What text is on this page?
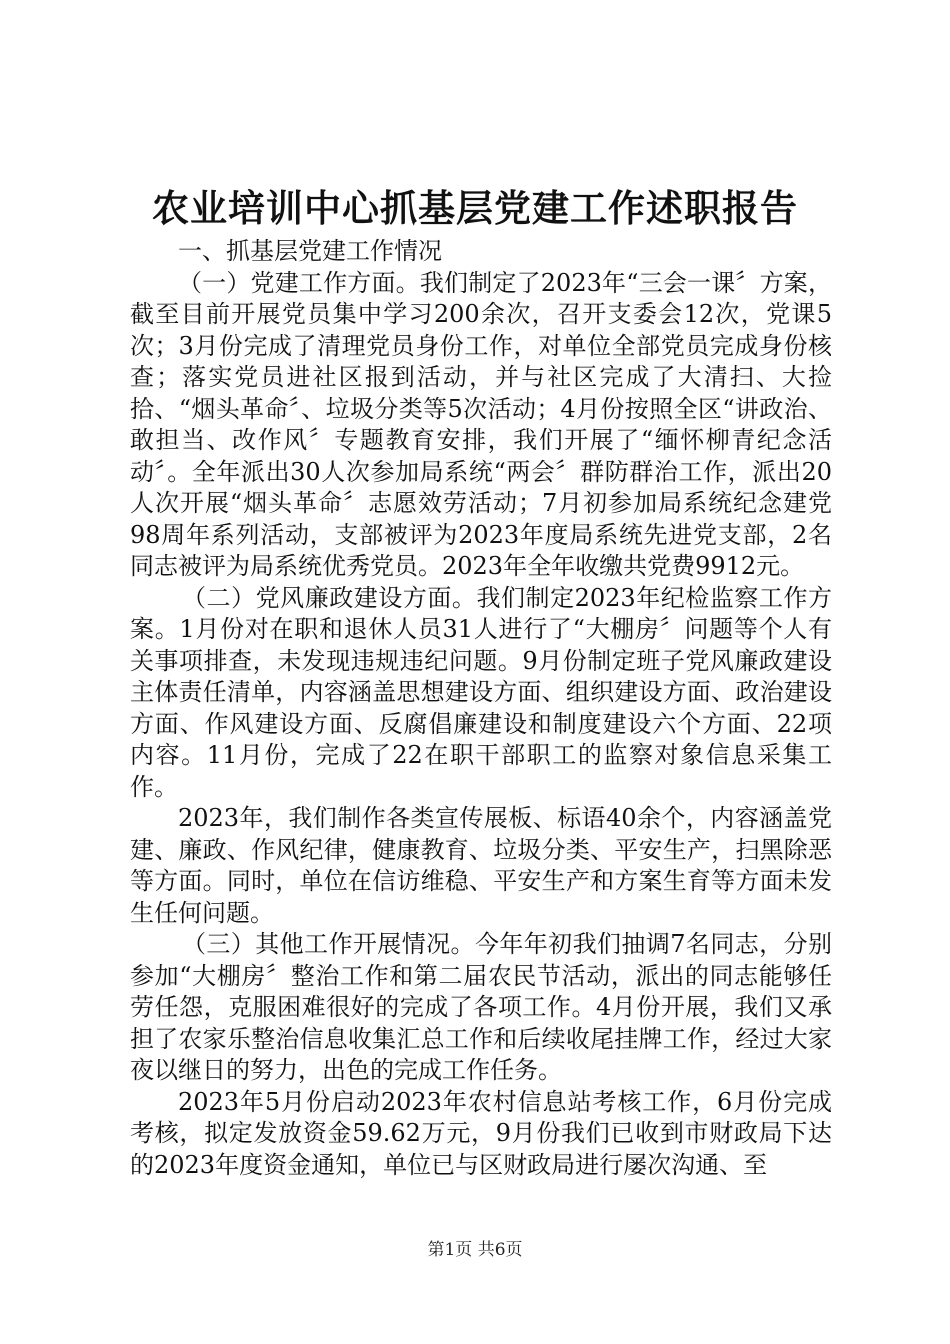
农业培训中心抓基层党建工作述职报告

一、抓基层党建工作情况

（一）党建工作方面。我们制定了2023年“三会一课〞方案，截至目前开展党员集中学习200余次，召开支委会12次，党课5次；3月份完成了清理党员身份工作，对单位全部党员完成身份核查；落实党员进社区报到活动，并与社区完成了大清扫、大捡拾、“烟头革命〞、垃圾分类等5次活动；4月份按照全区“讲政治、敢担当、改作风〞专题教育安排，我们开展了“缅怀柳青纪念活动〞。全年派出30人次参加局系统“两会〞群防群治工作，派出20人次开展“烟头革命〞志愿效劳活动；7月初参加局系统纪念建党98周年系列活动，支部被评为2023年度局系统先进党支部，2名同志被评为局系统优秀党员。2023年全年收缴共党费9912元。

（二）党风廉政建设方面。我们制定2023年纪检监察工作方案。1月份对在职和退休人员31人进行了“大棚房〞问题等个人有关事项排查，未发现违规违纪问题。9月份制定班子党风廉政建设主体责任清单，内容涵盖思想建设方面、组织建设方面、政治建设方面、作风建设方面、反腐倡廉建设和制度建设六个方面、22项内容。11月份，完成了22在职干部职工的监察对象信息采集工作。

2023年，我们制作各类宣传展板、标语40余个，内容涵盖党建、廉政、作风纪律，健康教育、垃圾分类、平安生产，扫黑除恶等方面。同时，单位在信访维稳、平安生产和方案生育等方面未发生任何问题。

（三）其他工作开展情况。今年年初我们抽调7名同志，分别参加“大棚房〞整治工作和第二届农民节活动，派出的同志能够任劳任怨，克服困难很好的完成了各项工作。4月份开展，我们又承担了农家乐整治信息收集汇总工作和后续收尾挂牌工作，经过大家夜以继日的努力，出色的完成工作任务。

2023年5月份启动2023年农村信息站考核工作，6月份完成考核，拟定发放资金59.62万元，9月份我们已收到市财政局下达的2023年度资金通知，单位已与区财政局进行屡次沟通、至

第1页 共6页
